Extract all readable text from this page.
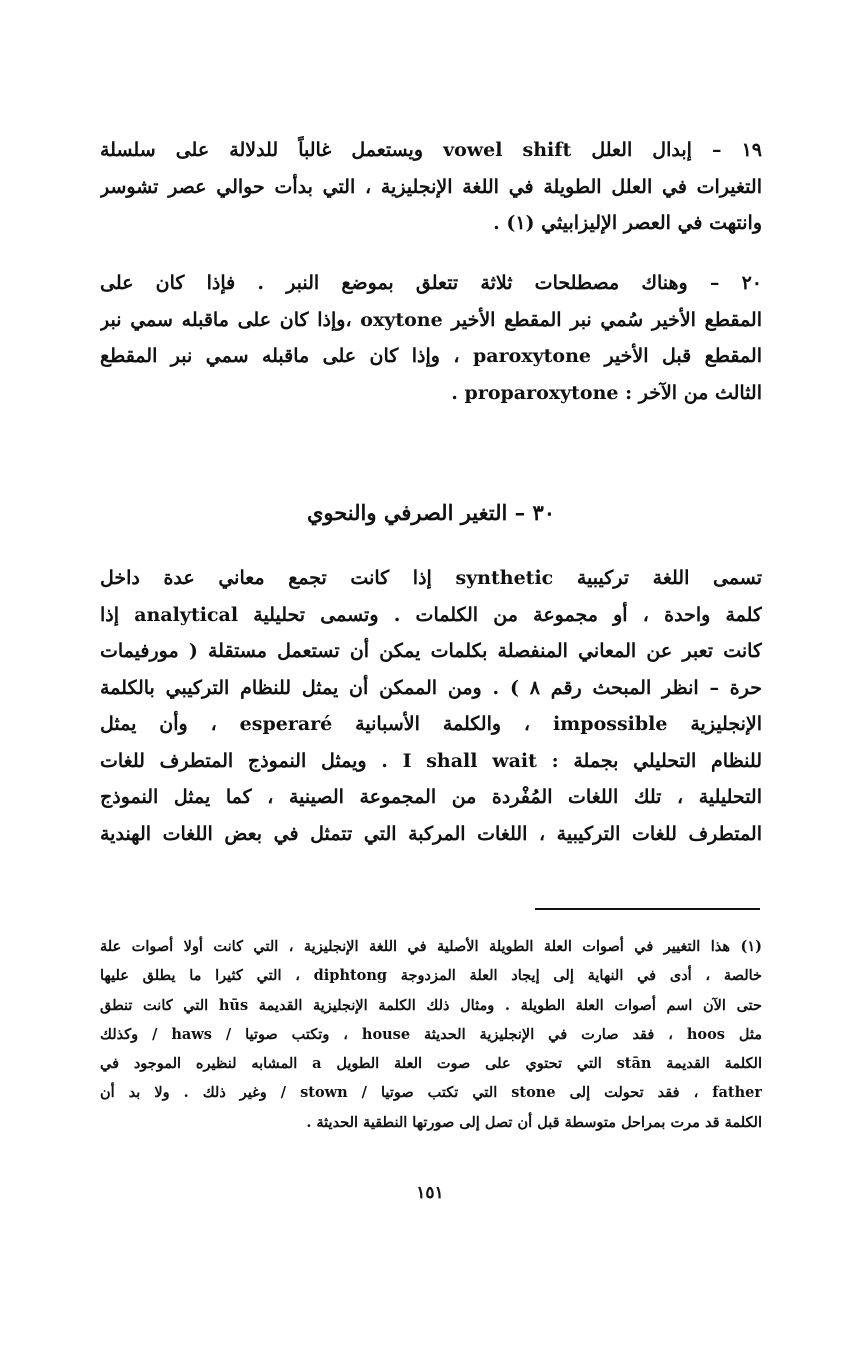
١٩ – إبدال العلل vowel shift ويستعمل غالباً للدلالة على سلسلة
التغيرات في العلل الطويلة في اللغة الإنجليزية ، التي بدأت حوالي عصر تشوسر
وانتهت في العصر الإليزابيثي (١) .
٢٠ – وهناك مصطلحات ثلاثة تتعلق بموضع النبر . فإذا كان على
المقطع الأخير سُمي نبر المقطع الأخير oxytone ،وإذا كان على ماقبله سمي نبر
المقطع قبل الأخير paroxytone ، وإذا كان على ماقبله سمي نبر المقطع
الثالث من الآخر : proparoxytone .
٣٠ – التغير الصرفي والنحوي
تسمى اللغة تركيبية synthetic إذا كانت تجمع معاني عدة داخل
كلمة واحدة ، أو مجموعة من الكلمات . وتسمى تحليلية analytical إذا
كانت تعبر عن المعاني المنفصلة بكلمات يمكن أن تستعمل مستقلة ( مورفيمات
حرة – انظر المبحث رقم ٨ ) . ومن الممكن أن يمثل للنظام التركيبي بالكلمة
الإنجليزية impossible ، والكلمة الأسبانية esperaré ، وأن يمثل
للنظام التحليلي بجملة : I shall wait . ويمثل النموذج المتطرف للغات
التحليلية ، تلك اللغات المُفْردة من المجموعة الصينية ، كما يمثل النموذج
المتطرف للغات التركيبية ، اللغات المركبة التي تتمثل في بعض اللغات الهندية
(١) هذا التغيير في أصوات العلة الطويلة الأصلية في اللغة الإنجليزية ، التي كانت أولا أصوات علة
خالصة ، أدى في النهاية إلى إيجاد العلة المزدوجة diphtong ، التي كثيرا ما يطلق عليها
حتى الآن اسم أصوات العلة الطويلة . ومثال ذلك الكلمة الإنجليزية القديمة hūs التي كانت تنطق
مثل hoos ، فقد صارت في الإنجليزية الحديثة house ، وتكتب صوتيا / haws / وكذلك
الكلمة القديمة stān التي تحتوي على صوت العلة الطويل a المشابه لنظيره الموجود في
father ، فقد تحولت إلى stone التي تكتب صوتيا / stown / وغير ذلك . ولا بد أن
الكلمة قد مرت بمراحل متوسطة قبل أن تصل إلى صورتها النطقية الحديثة .
١٥١
